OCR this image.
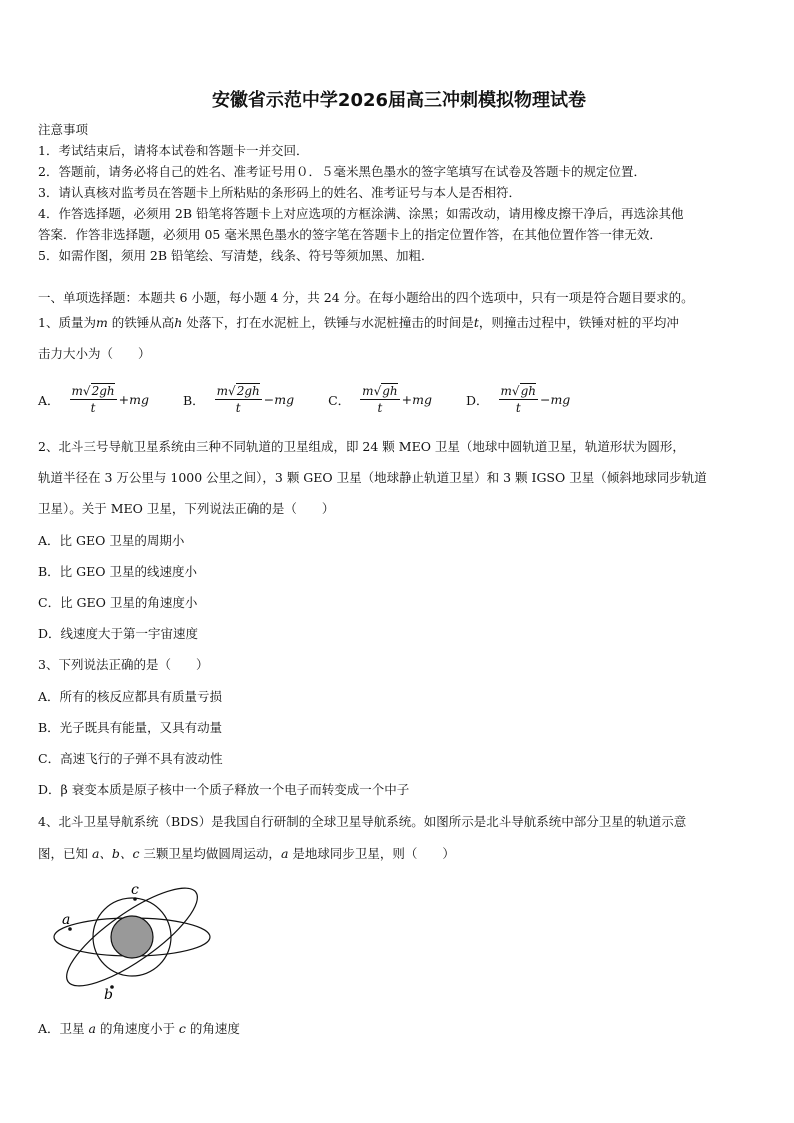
安徽省示范中学2026届高三冲刺模拟物理试卷
注意事项
1．考试结束后，请将本试卷和答题卡一并交回．
2．答题前，请务必将自己的姓名、准考证号用０．５毫米黑色墨水的签字笔填写在试卷及答题卡的规定位置．
3．请认真核对监考员在答题卡上所粘贴的条形码上的姓名、准考证号与本人是否相符．
4．作答选择题，必须用 2B 铅笔将答题卡上对应选项的方框涂满、涂黑；如需改动，请用橡皮擦干净后，再选涂其他
答案．作答非选择题，必须用 05 毫米黑色墨水的签字笔在答题卡上的指定位置作答，在其他位置作答一律无效．
5．如需作图，须用 2B 铅笔绘、写清楚，线条、符号等须加黑、加粗．
一、单项选择题：本题共 6 小题，每小题 4 分，共 24 分。在每小题给出的四个选项中，只有一项是符合题目要求的。
1、质量为m 的铁锤从高h 处落下，打在水泥桩上，铁锤与水泥桩撞击的时间是t，则撞击过程中，铁锤对桩的平均冲
击力大小为（　　）
A． $\frac{m√2gh}{t} +mg$	B． $\frac{m√2gh}{t} -mg$	C． $\frac{m√gh}{t} +mg$	D． $\frac{m√gh}{t} -mg$
2、北斗三号导航卫星系统由三种不同轨道的卫星组成，即 24 颗 MEO 卫星（地球中圆轨道卫星，轨道形状为圆形，
轨道半径在 3 万公里与 1000 公里之间），3 颗 GEO 卫星（地球静止轨道卫星）和 3 颗 IGSO 卫星（倾斜地球同步轨道
卫星）。关于 MEO 卫星，下列说法正确的是（　　）
A．比 GEO 卫星的周期小
B．比 GEO 卫星的线速度小
C．比 GEO 卫星的角速度小
D．线速度大于第一宇宙速度
3、下列说法正确的是（　　）
A．所有的核反应都具有质量亏损
B．光子既具有能量，又具有动量
C．高速飞行的子弹不具有波动性
D．β 衰变本质是原子核中一个质子释放一个电子而转变成一个中子
4、北斗卫星导航系统（BDS）是我国自行研制的全球卫星导航系统。如图所示是北斗导航系统中部分卫星的轨道示意
图，已知 a、b、c 三颗卫星均做圆周运动，a 是地球同步卫星，则（　　）
a
c
b
A．卫星 a 的角速度小于 c 的角速度
